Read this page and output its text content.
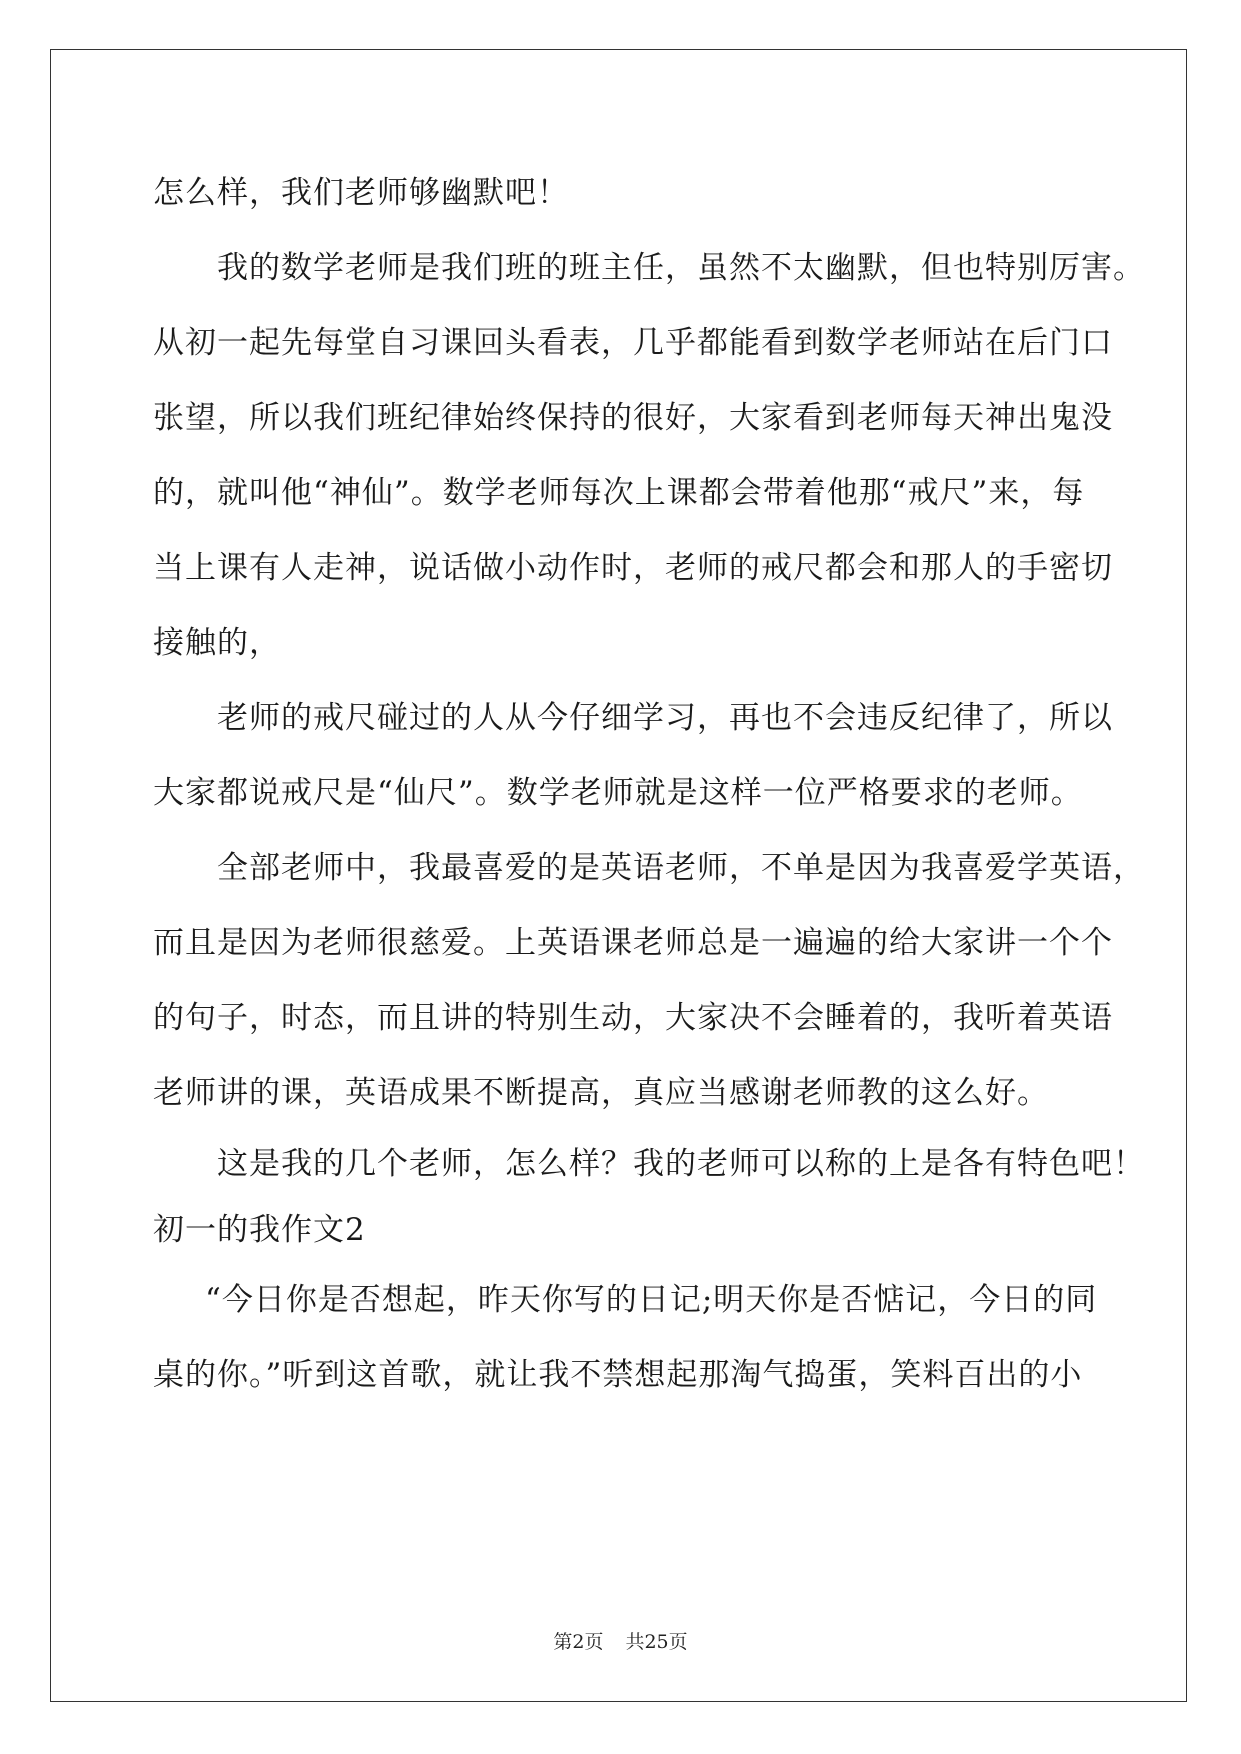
怎么样，我们老师够幽默吧！
我的数学老师是我们班的班主任，虽然不太幽默，但也特别厉害。
从初一起先每堂自习课回头看表，几乎都能看到数学老师站在后门口
张望，所以我们班纪律始终保持的很好，大家看到老师每天神出鬼没
的，就叫他“神仙”。数学老师每次上课都会带着他那“戒尺”来，每
当上课有人走神，说话做小动作时，老师的戒尺都会和那人的手密切
接触的，
老师的戒尺碰过的人从今仔细学习，再也不会违反纪律了，所以
大家都说戒尺是“仙尺”。数学老师就是这样一位严格要求的老师。
全部老师中，我最喜爱的是英语老师，不单是因为我喜爱学英语，
而且是因为老师很慈爱。上英语课老师总是一遍遍的给大家讲一个个
的句子，时态，而且讲的特别生动，大家决不会睡着的，我听着英语
老师讲的课，英语成果不断提高，真应当感谢老师教的这么好。
这是我的几个老师，怎么样？我的老师可以称的上是各有特色吧！
初一的我作文2
“今日你是否想起，昨天你写的日记;明天你是否惦记，今日的同
桌的你。”听到这首歌，就让我不禁想起那淘气捣蛋，笑料百出的小
第2页 共25页
